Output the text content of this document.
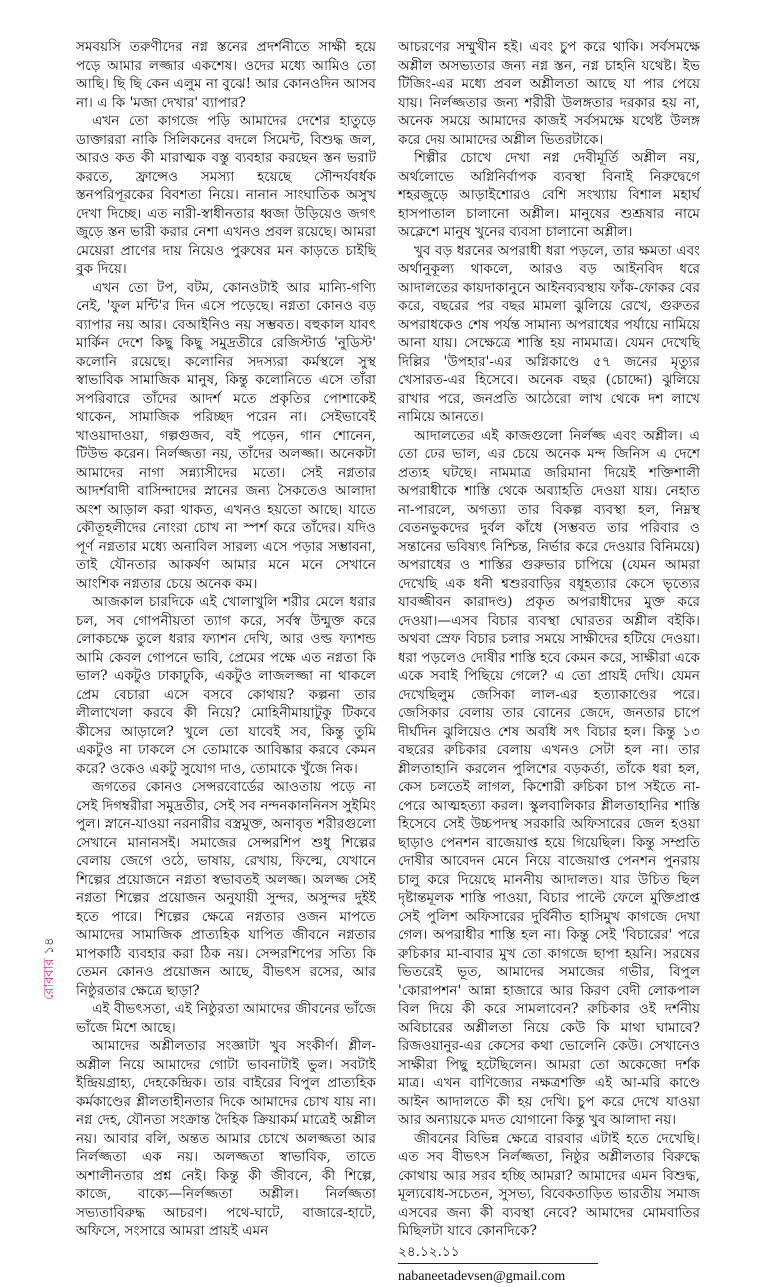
সমবয়সি তরুণীদের নগ্ন স্তনের প্রদর্শনীতে সাক্ষী হয়ে পড়ে আমার লজ্জার একশেষ। ওদের মধ্যে আমিও তো আছি। ছি ছি কেন এলুম না বুঝে! আর কোনওদিন আসব না। এ কি 'মজা দেখার' ব্যাপার?

এখন তো কাগজে পড়ি আমাদের দেশের হাতুড়ে ডাক্তাররা নাকি সিলিকনের বদলে সিমেন্ট, বিশুদ্ধ জল, আরও কত কী মারাত্মক বস্তু ব্যবহার করছেন স্তন ভরাট করতে, ফ্রান্সেও সমস্যা হয়েছে সৌন্দর্যবর্ধক স্তনপরিপূরকের বিবশতা নিয়ে। নানান সাংঘাতিক অসুখ দেখা দিচ্ছে। এত নারী-স্বাধীনতার ধ্বজা উড়িয়েও জগৎ জুড়ে স্তন ভারী করার নেশা এখনও প্রবল রয়েছে। আমরা মেয়েরা প্রাণের দায় নিয়েও পুরুষের মন কাড়তে চাইছি বুক দিয়ে।

এখন তো টপ, বটম, কোনওটাই আর মান্যি-গণ্যি নেই, 'ফুল মন্টি'র দিন এসে পড়েছে। নগ্নতা কোনও বড় ব্যাপার নয় আর। বেআইনিও নয় সম্ভবত। বহুকাল যাবৎ মার্কিন দেশে কিছু কিছু সমুদ্রতীরে রেজিস্টার্ড 'নুডিস্ট' কলোনি রয়েছে। কলোনির সদস্যরা কর্মস্থলে সুস্থ স্বাভাবিক সামাজিক মানুষ, কিন্তু কলোনিতে এসে তাঁরা সপরিবারে তাঁদের আদর্শ মতে প্রকৃতির পোশাকেই থাকেন, সামাজিক পরিচ্ছদ পরেন না। সেইভাবেই খাওয়াদাওয়া, গল্পগুজব, বই পড়েন, গান শোনেন, টিউভ করেন। নির্লজ্জতা নয়, তাঁদের অলজ্জা। অনেকটা আমাদের নাগা সন্ন্যাসীদের মতো। সেই নগ্নতার আদর্শবাদী বাসিন্দাদের স্নানের জন্য সৈকতেও আলাদা অংশ আড়াল করা থাকত, এখনও হয়তো আছে। যাতে কৌতূহলীদের নোংরা চোখ না স্পর্শ করে তাঁদের। যদিও পূর্ণ নগ্নতার মধ্যে অনাবিল সারল্য এসে পড়ার সম্ভাবনা, তাই যৌনতার আকর্ষণ আমার মনে মনে সেখানে আংশিক নগ্নতার চেয়ে অনেক কম।

আজকাল চারদিকে এই খোলাখুলি শরীর মেলে ধরার চল, সব গোপনীয়তা ত্যাগ করে, সর্বস্ব উন্মুক্ত করে লোকচক্ষে তুলে ধরার ফ্যাশন দেখি, আর ওল্ড ফ্যাশন্ড আমি কেবল গোপনে ভাবি, প্রেমের পক্ষে এত নগ্নতা কি ভাল? একটুও ঢাকাঢুকি, একটুও লাজলজ্জা না থাকলে প্রেম বেচারা এসে বসবে কোথায়? কল্পনা তার লীলাখেলা করবে কী নিয়ে? মোহিনীমায়াটুকু টিকবে কীসের আড়ালে? খুলে তো যাবেই সব, কিন্তু তুমি একটুও না ঢাকলে সে তোমাকে আবিষ্কার করবে কেমন করে? ওকেও একটু সুযোগ দাও, তোমাকে খুঁজে নিক।

জগতের কোনও সেন্সরবোর্ডের আওতায় পড়ে না সেই দিগম্বরীরা সমুদ্রতীর, সেই সব নন্দনকাননিনস সুইমিং পুল। স্নানে-যাওয়া নরনারীর বস্ত্রমুক্ত, অনাবৃত শরীরগুলো সেখানে মানানসই। সমাজের সেন্সরশিপ শুধু শিল্পের বেলায় জেগে ওঠে, ভাষায়, রেখায়, ফিল্মে, যেখানে শিল্পের প্রয়োজনে নগ্নতা স্বভাবতই অলজ্জ। অলজ্জ সেই নগ্নতা শিল্পের প্রয়োজন অনুযায়ী সুন্দর, অসুন্দর দুইই হতে পারে। শিল্পের ক্ষেত্রে নগ্নতার ওজন মাপতে আমাদের সামাজিক প্রাত্যহিক যাপিত জীবনে নগ্নতার মাপকাঠি ব্যবহার করা ঠিক নয়। সেন্সরশিপের সত্যি কি তেমন কোনও প্রয়োজন আছে, বীভৎস রসের, আর নিষ্ঠুরতার ক্ষেত্রে ছাড়া?

এই বীভৎসতা, এই নিষ্ঠুরতা আমাদের জীবনের ভাঁজে ভাঁজে মিশে আছে।

আমাদের অশ্লীলতার সংজ্ঞাটা খুব সংকীর্ণ। শ্লীল-অশ্লীল নিয়ে আমাদের গোটা ভাবনাটাই ভুল। সবটাই ইন্দ্রিয়গ্রাহ্য, দেহকেন্দ্রিক। তার বাইরের বিপুল প্রাত্যহিক কর্মকাণ্ডের শ্লীলতাহীনতার দিকে আমাদের চোখ যায় না। নগ্ন দেহ, যৌনতা সংক্রান্ত দৈহিক ক্রিয়াকর্ম মাত্রেই অশ্লীল নয়। আবার বলি, অন্তত আমার চোখে অলজ্জতা আর নির্লজ্জতা এক নয়। অলজ্জতা স্বাভাবিক, তাতে অশালীনতার প্রশ্ন নেই। কিন্তু কী জীবনে, কী শিল্পে, কাজে, বাক্যে—নির্লজ্জতা অশ্লীল। নির্লজ্জতা সভ্যতাবিরুদ্ধ আচরণ। পথে-ঘাটে, বাজারে-হাটে, অফিসে, সংসারে আমরা প্রায়ই এমন

আচরণের সম্মুখীন হই। এবং চুপ করে থাকি। সর্বসমক্ষে অশ্লীল অসভ্যতার জন্য নগ্ন স্তন, নগ্ন চাহনি যথেষ্ট। ইভ টিজিং-এর মধ্যে প্রবল অশ্লীলতা আছে যা পার পেয়ে যায়। নির্লজ্জতার জন্য শরীরী উলঙ্গতার দরকার হয় না, অনেক সময়ে আমাদের কাজই সর্বসমক্ষে যথেষ্ট উলঙ্গ করে দেয় আমাদের অশ্লীল ভিতরটাকে।

শিল্পীর চোখে দেখা নগ্ন দেবীমূর্তি অশ্লীল নয়, অর্থলোভে অগ্নিনির্বাপক ব্যবস্থা বিনাই নিরুদ্বেগে শহরজুড়ে আড়াইশোরও বেশি সংখ্যায় বিশাল মহার্ঘ হাসপাতাল চালানো অশ্লীল। মানুষের শুশ্রূষার নামে অক্লেশে মানুষ খুনের ব্যবসা চালানো অশ্লীল।

খুব বড় ধরনের অপরাধী ধরা পড়লে, তার ক্ষমতা এবং অর্থানুকূল্য থাকলে, আরও বড় আইনবিদ ধরে আদালতের কায়দাকানুনে আইনব্যবস্থায় ফাঁক-ফোকর বের করে, বছরের পর বছর মামলা ঝুলিয়ে রেখে, গুরুতর অপরাধকেও শেষ পর্যন্ত সামান্য অপরাধের পর্যায়ে নামিয়ে আনা যায়। সেক্ষেত্রে শাস্তি হয় নামমাত্র। যেমন দেখেছি দিল্লির 'উপহার'-এর অগ্নিকাণ্ডে ৫৭ জনের মৃত্যুর খেসারত-এর হিসেবে। অনেক বছর (চোদ্দো) ঝুলিয়ে রাখার পরে, জনপ্রতি আঠেরো লাখ থেকে দশ লাখে নামিয়ে আনতে।

আদালতের এই কাজগুলো নির্লজ্জ এবং অশ্লীল। এ তো ঢের ভাল, এর চেয়ে অনেক মন্দ জিনিস এ দেশে প্রত্যহ ঘটছে। নামমাত্র জরিমানা দিয়েই শক্তিশালী অপরাধীকে শাস্তি থেকে অব্যাহতি দেওয়া যায়। নেহাত না-পারলে, অগত্যা তার বিকল্প ব্যবস্থা হল, নিম্নস্থ বেতনভুকদের দুর্বল কাঁধে (সম্ভবত তার পরিবার ও সন্তানের ভবিষ্যৎ নিশ্চিন্ত, নির্ভার করে দেওয়ার বিনিময়ে) অপরাধের ও শাস্তির গুরুভার চাপিয়ে (যেমন আমরা দেখেছি এক ধনী শ্বশুরবাড়ির বধূহত্যার কেসে ভৃত্যের যাবজ্জীবন কারাদণ্ড) প্রকৃত অপরাধীদের মুক্ত করে দেওয়া।—এসব বিচার ব্যবস্থা ঘোরতর অশ্লীল বইকি। অথবা স্রেফ বিচার চলার সময়ে সাক্ষীদের হটিয়ে দেওয়া। ধরা পড়লেও দোষীর শাস্তি হবে কেমন করে, সাক্ষীরা একে একে সবাই পিছিয়ে গেলে? এ তো প্রায়ই দেখি। যেমন দেখেছিলুম জেসিকা লাল-এর হত্যাকাণ্ডের পরে। জেসিকার বেলায় তার বোনের জেদে, জনতার চাপে দীর্ঘদিন ঝুলিয়েও শেষ অবধি সৎ বিচার হল। কিন্তু ১৩ বছরের রুচিকার বেলায় এখনও সেটা হল না। তার শ্লীলতাহানি করলেন পুলিশের বড়কর্তা, তাঁকে ধরা হল, কেস চলতেই লাগল, কিশোরী রুচিকা চাপ সইতে না-পেরে আত্মহত্যা করল। স্কুলবালিকার শ্লীলতাহানির শাস্তি হিসেবে সেই উচ্চপদস্থ সরকারি অফিসারের জেল হওয়া ছাড়াও পেনশন বাজেয়াপ্ত হয়ে গিয়েছিল। কিন্তু সম্প্রতি দোষীর আবেদন মেনে নিয়ে বাজেয়াপ্ত পেনশন পুনরায় চালু করে দিয়েছে মাননীয় আদালত। যার উচিত ছিল দৃষ্টান্তমূলক শাস্তি পাওয়া, বিচার পাল্টে ফেলে মুক্তিপ্রাপ্ত সেই পুলিশ অফিসারের দুর্বিনীত হাসিমুখ কাগজে দেখা গেল। অপরাধীর শাস্তি হল না। কিন্তু সেই 'বিচারের' পরে রুচিকার মা-বাবার মুখ তো কাগজে ছাপা হয়নি। সরষের ভিতরেই ভূত, আমাদের সমাজের গভীর, বিপুল 'কোরাপশন' আন্না হাজারে আর কিরণ বেদী লোকপাল বিল দিয়ে কী করে সামলাবেন? রুচিকার ওই দর্শনীয় অবিচারের অশ্লীলতা নিয়ে কেউ কি মাথা ঘামাবে? রিজওয়ানুর-এর কেসের কথা ভোলেনি কেউ। সেখানেও সাক্ষীরা পিছু হটেছিলেন। আমরা তো অকেজো দর্শক মাত্র। এখন বাণিজ্যের নক্ষত্রশক্তি এই আ-মরি কাণ্ডে আইন আদালতে কী হয় দেখি। চুপ করে দেখে যাওয়া আর অন্যায়কে মদত যোগানো কিন্তু খুব আলাদা নয়।

জীবনের বিভিন্ন ক্ষেত্রে বারবার এটাই হতে দেখেছি। এত সব বীভৎস নির্লজ্জতা, নিষ্ঠুর অশ্লীলতার বিরুদ্ধে কোথায় আর সরব হচ্ছি আমরা? আমাদের এমন বিশুদ্ধ, মূল্যবোধ-সচেতন, সুসভ্য, বিবেকতাড়িত ভারতীয় সমাজ এসবের জন্য কী ব্যবস্থা নেবে? আমাদের মোমবাতির মিছিলটা যাবে কোনদিকে?

২৪.১২.১১

nabaneetadevsen@gmail.com
রোববার১৪
